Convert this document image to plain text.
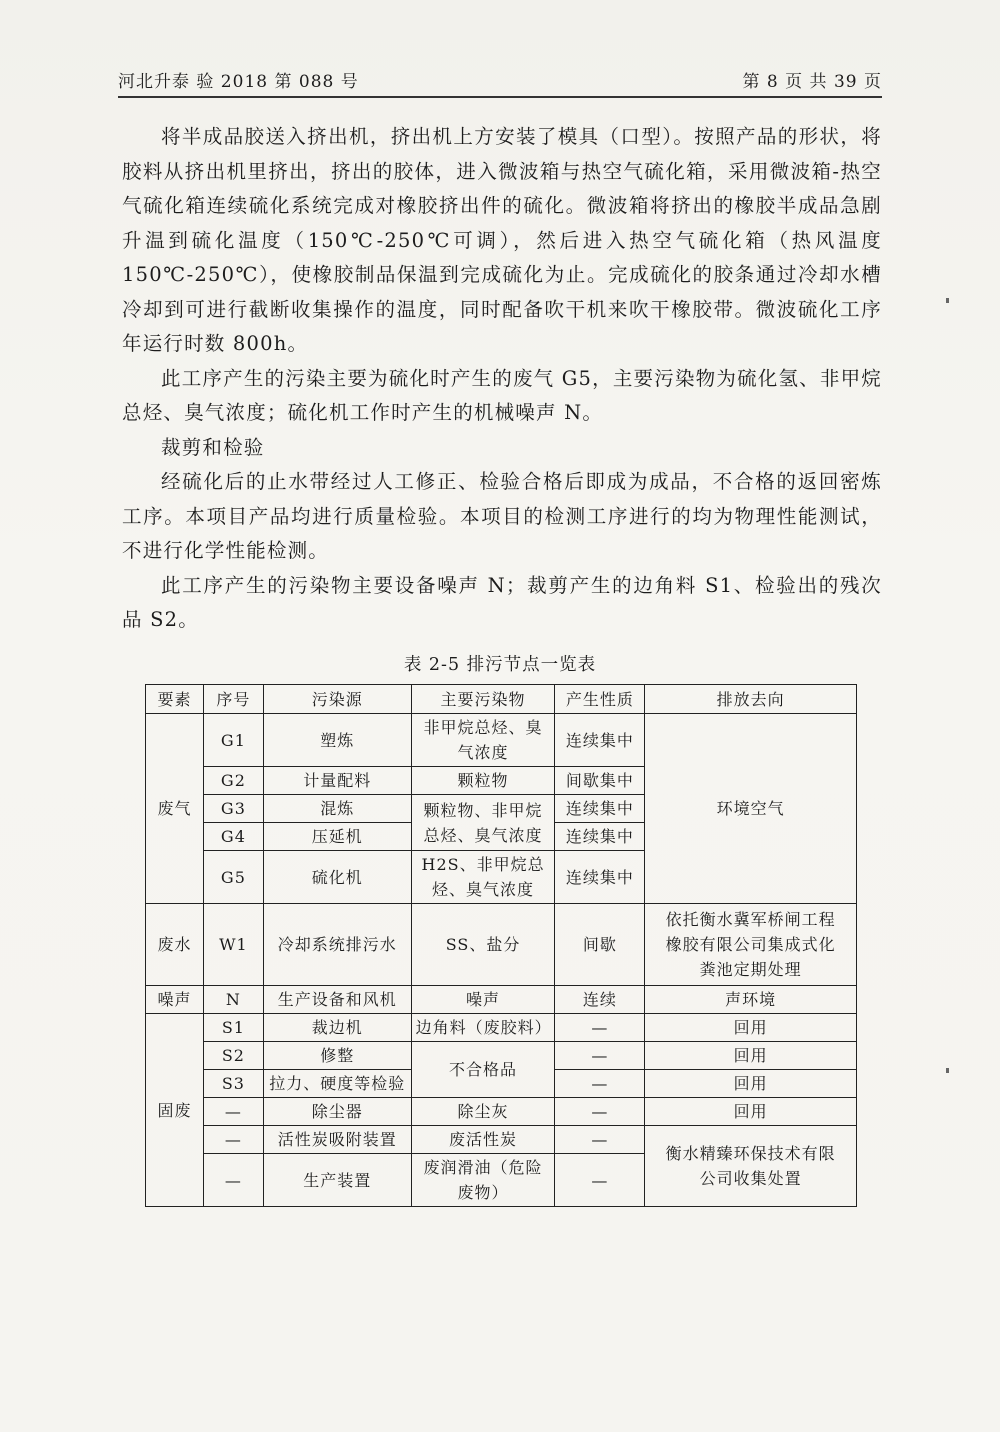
河北升泰 验 2018 第 088 号	第 8 页 共 39 页

将半成品胶送入挤出机，挤出机上方安装了模具（口型）。按照产品的形状，将胶料从挤出机里挤出，挤出的胶体，进入微波箱与热空气硫化箱，采用微波箱-热空气硫化箱连续硫化系统完成对橡胶挤出件的硫化。微波箱将挤出的橡胶半成品急剧升温到硫化温度（150℃-250℃可调），然后进入热空气硫化箱（热风温度 150℃-250℃），使橡胶制品保温到完成硫化为止。完成硫化的胶条通过冷却水槽冷却到可进行截断收集操作的温度，同时配备吹干机来吹干橡胶带。微波硫化工序年运行时数 800h。

此工序产生的污染主要为硫化时产生的废气 G5，主要污染物为硫化氢、非甲烷总烃、臭气浓度；硫化机工作时产生的机械噪声 N。

裁剪和检验

经硫化后的止水带经过人工修正、检验合格后即成为成品，不合格的返回密炼工序。本项目产品均进行质量检验。本项目的检测工序进行的均为物理性能测试，不进行化学性能检测。

此工序产生的污染物主要设备噪声 N；裁剪产生的边角料 S1、检验出的残次品 S2。

表 2-5 排污节点一览表
要素	序号	污染源	主要污染物	产生性质	排放去向
废气	G1	塑炼	非甲烷总烃、臭气浓度	连续集中	环境空气
	G2	计量配料	颗粒物	间歇集中	
	G3	混炼	颗粒物、非甲烷总烃、臭气浓度	连续集中	
	G4	压延机		连续集中	
	G5	硫化机	H2S、非甲烷总烃、臭气浓度	连续集中	

废水	W1	冷却系统排污水	SS、盐分	间歇	依托衡水冀军桥闸工程橡胶有限公司集成式化粪池定期处理
噪声	N	生产设备和风机	噪声	连续	声环境
固废	S1	裁边机	边角料（废胶料）	—	回用
	S2	修整	不合格品	—	回用
	S3	拉力、硬度等检验		—	回用
	—	除尘器	除尘灰	—	回用
	—	活性炭吸附装置	废活性炭	—	衡水精臻环保技术有限公司收集处置
	—	生产装置	废润滑油（危险废物）	—	
